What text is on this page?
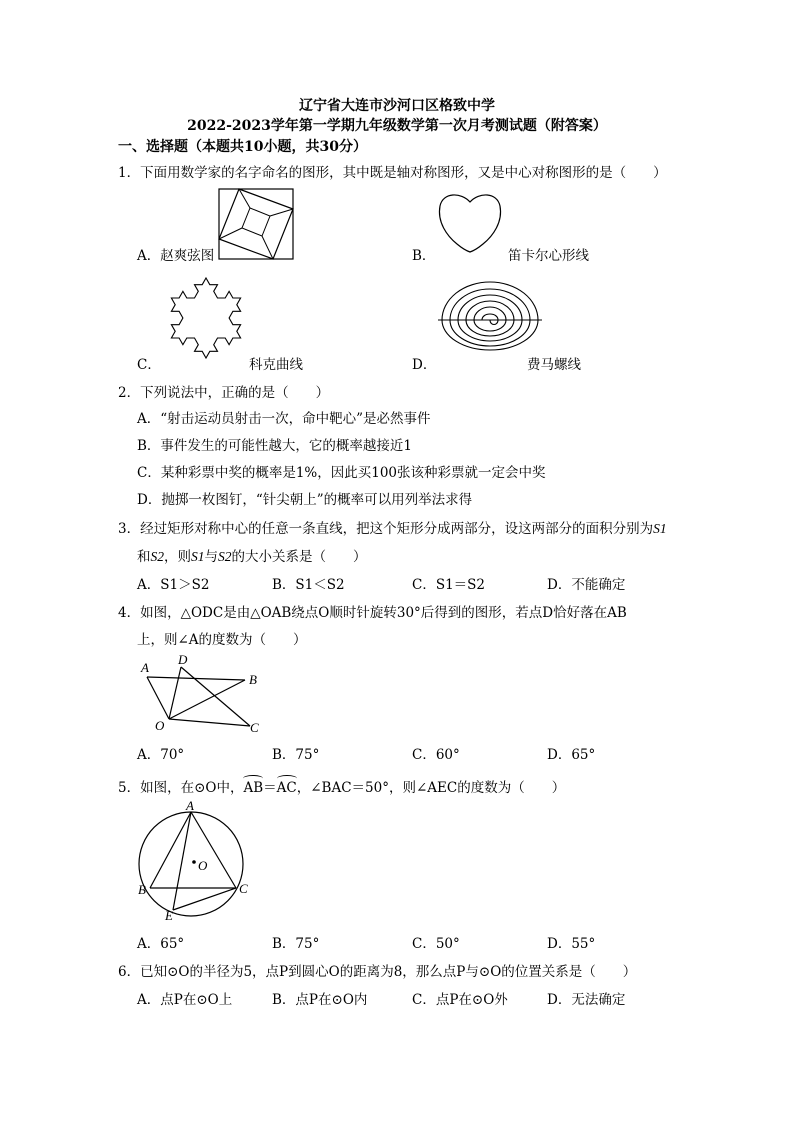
辽宁省大连市沙河口区格致中学
2022-2023学年第一学期九年级数学第一次月考测试题（附答案）
一、选择题（本题共10小题，共30分）
1．下面用数学家的名字命名的图形，其中既是轴对称图形，又是中心对称图形的是（　　）
A．赵爽弦图	B．	笛卡尔心形线
C．	科克曲线	D．	费马螺线
2．下列说法中，正确的是（　　）
A．“射击运动员射击一次，命中靶心”是必然事件
B．事件发生的可能性越大，它的概率越接近1
C．某种彩票中奖的概率是1%，因此买100张该种彩票就一定会中奖
D．抛掷一枚图钉，“针尖朝上”的概率可以用列举法求得
3．经过矩形对称中心的任意一条直线，把这个矩形分成两部分，设这两部分的面积分别为S1
和S2，则S1与S2的大小关系是（　　）
A．S1＞S2	B．S1＜S2	C．S1＝S2	D．不能确定
4．如图，△ODC是由△OAB绕点O顺时针旋转30°后得到的图形，若点D恰好落在AB
上，则∠A的度数为（　　）
A
D
B
O	C
A．70°	B．75°	C．60°	D．65°
5．如图，在⊙O中，
AB＝
AC，∠BAC＝50°，则∠AEC的度数为（　　）
A
O
B	C
E
A．65°	B．75°	C．50°	D．55°
6．已知⊙O的半径为5，点P到圆心O的距离为8，那么点P与⊙O的位置关系是（　　）
A．点P在⊙O上	B．点P在⊙O内	C．点P在⊙O外	D．无法确定
